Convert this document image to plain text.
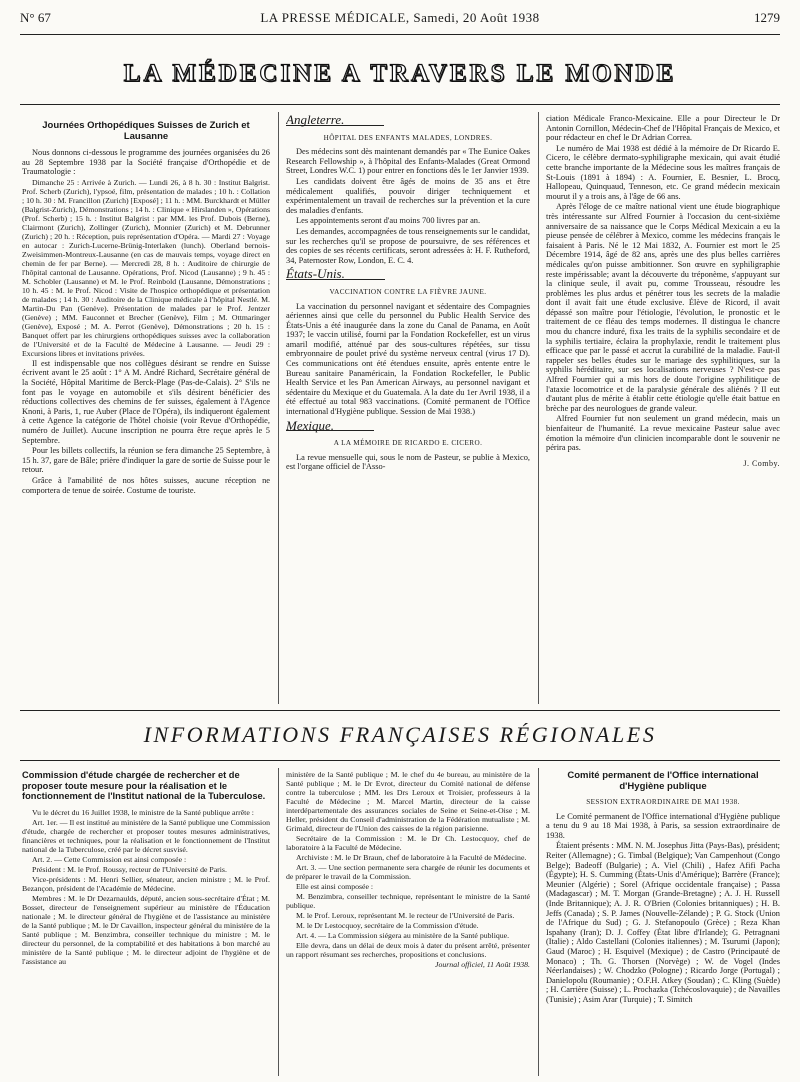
N° 67	LA PRESSE MÉDICALE, Samedi, 20 Août 1938	1279
LA MÉDECINE A TRAVERS LE MONDE
Journées Orthopédiques Suisses de Zurich et Lausanne

Nous donnons ci-dessous le programme des journées organisées du 26 au 28 Septembre 1938 par la Société française d'Orthopédie et de Traumatologie :

Dimanche 25 : Arrivée à Zurich. — Lundi 26, à 8 h. 30 : Institut Balgrist. Prof. Scherb (Zurich), l'ypsoé, film, présentation de malades ; 10 h. : Collation ; 10 h. 30 : M. Francillon (Zurich) [Exposé] ; 11 h. : MM. Burckhardt et Müller (Balgrist-Zurich), Démonstrations ; 14 h. : Clinique « Hirslanden », Opérations (Prof. Scherb) ; 15 h. : Institut Balgrist : par MM. les Prof. Dubois (Berne), Clairmont (Zurich), Zollinger (Zurich), Monnier (Zurich) et M. Debrunner (Zurich) ; 20 h. : Réception, puis représentation d'Opéra. — Mardi 27 : Voyage en autocar : Zurich-Lucerne-Brünig-Interlaken (lunch). Oberland bernois-Zweisimmen-Montreux-Lausanne (en cas de mauvais temps, voyage direct en chemin de fer par Berne). — Mercredi 28, 8 h. : Auditoire de chirurgie de l'hôpital cantonal de Lausanne. Opérations, Prof. Nicod (Lausanne) ; 9 h. 45 : M. Schobler (Lausanne) et M. le Prof. Reinbold (Lausanne, Démonstrations ; 10 h. 45 : M. le Prof. Nicod : Visite de l'hospice orthopédique et présentation de malades ; 14 h. 30 : Auditoire de la Clinique médicale à l'hôpital Nestlé. M. Martin-Du Pan (Genève). Présentation de malades par le Prof. Jentzer (Genève) ; MM. Fauconnet et Brecher (Genève), Film ; M. Ottmaringer (Genève), Exposé ; M. A. Perrot (Genève), Démonstrations ; 20 h. 15 : Banquet offert par les chirurgiens orthopédiques suisses avec la collaboration de l'Université et de la Faculté de Médecine à Lausanne. — Jeudi 29 : Excursions libres et invitations privées.

Il est indispensable que nos collègues désirant se rendre en Suisse écrivent avant le 25 août : 1° A M. André Richard, Secrétaire général de la Société, Hôpital Maritime de Berck-Plage (Pas-de-Calais). 2° S'ils ne font pas le voyage en automobile et s'ils désirent bénéficier des réductions collectives des chemins de fer suisses, également à l'Agence Knoni, à Paris, 1, rue Auber (Place de l'Opéra), ils indiqueront également à cette Agence la catégorie de l'hôtel choisie (voir Revue d'Orthopédie, numéro de Juillet). Aucune inscription ne pourra être reçue après le 5 Septembre.

Pour les billets collectifs, la réunion se fera dimanche 25 Septembre, à 15 h. 37, gare de Bâle; prière d'indiquer la gare de sortie de Suisse pour le retour.

Grâce à l'amabilité de nos hôtes suisses, aucune réception ne comportera de tenue de soirée. Costume de touriste.

Angleterre.
HÔPITAL DES ENFANTS MALADES, LONDRES.

Des médecins sont dès maintenant demandés par « The Eunice Oakes Research Fellowship », à l'hôpital des Enfants-Malades (Great Ormond Street, Londres W.C. 1) pour entrer en fonctions dès le 1er Janvier 1939.

Les candidats doivent être âgés de moins de 35 ans et être médicalement qualifiés, pouvoir diriger techniquement et expérimentalement un travail de recherches sur la prévention et la cure des maladies d'enfants.

Les appointements seront d'au moins 700 livres par an.

Les demandes, accompagnées de tous renseignements sur le candidat, sur les recherches qu'il se propose de poursuivre, de ses références et des copies de ses récents certificats, seront adressées à: H. F. Rutheford, 34, Paternoster Row, London, E. C. 4.

États-Unis.
VACCINATION CONTRE LA FIÈVRE JAUNE.

La vaccination du personnel navigant et sédentaire des Compagnies aériennes ainsi que celle du personnel du Public Health Service des États-Unis a été inaugurée dans la zone du Canal de Panama, en Août 1937; le vaccin utilisé, fourni par la Fondation Rockefeller, est un virus amaril modifié, atténué par des sous-cultures répétées, sur tissu embryonnaire de poulet privé du système nerveux central (virus 17 D). Ces communications ont été étendues ensuite, après entente entre le Bureau sanitaire Panaméricain, la Fondation Rockefeller, le Public Health Service et les Pan American Airways, au personnel navigant et sédentaire du Mexique et du Guatemala. A la date du 1er Avril 1938, il a été effectué au total 983 vaccinations. (Comité permanent de l'Office international d'Hygiène publique. Session de Mai 1938.)

Mexique.
A LA MÉMOIRE DE RICARDO E. CICERO.

La revue mensuelle qui, sous le nom de Pasteur, se publie à Mexico, est l'organe officiel de l'Asso-

ciation Médicale Franco-Mexicaine. Elle a pour Directeur le Dr Antonin Cornillon, Médecin-Chef de l'Hôpital Français de Mexico, et pour rédacteur en chef le Dr Adrian Correa.

Le numéro de Mai 1938 est dédié à la mémoire de Dr Ricardo E. Cicero, le célèbre dermato-syphiligraphe mexicain, qui avait étudié cette branche importante de la Médecine sous les maîtres français de St-Louis (1891 à 1894) : A. Fournier, E. Besnier, L. Brocq, Hallopeau, Quinquaud, Tenneson, etc. Ce grand médecin mexicain mourut il y a trois ans, à l'âge de 66 ans.

Après l'éloge de ce maître national vient une étude biographique très intéressante sur Alfred Fournier à l'occasion du cent-sixième anniversaire de sa naissance que le Corps Médical Mexicain a eu la pieuse pensée de célébrer à Mexico, comme les médecins français le faisaient à Paris. Né le 12 Mai 1832, A. Fournier est mort le 25 Décembre 1914, âgé de 82 ans, après une des plus belles carrières médicales qu'on puisse ambitionner. Son œuvre en syphiligraphie reste impérissable; avant la découverte du tréponème, s'appuyant sur la clinique seule, il avait pu, comme Trousseau, résoudre les problèmes les plus ardus et pénétrer tous les secrets de la maladie dont il avait fait une étude exclusive. Élève de Ricord, il avait dépassé son maître pour l'étiologie, l'évolution, le pronostic et le traitement de ce fléau des temps modernes. Il distingua le chancre mou du chancre induré, fixa les traits de la syphilis secondaire et de la syphilis tertiaire, éclaira la prophylaxie, rendit le traitement plus efficace que par le passé et accrut la curabilité de la maladie. Faut-il rappeler ses belles études sur le mariage des syphilitiques, sur la syphilis héréditaire, sur ses localisations nerveuses ? N'est-ce pas Alfred Fournier qui a mis hors de doute l'origine syphilitique de l'ataxie locomotrice et de la paralysie générale des aliénés ? Il eut d'autant plus de mérite à établir cette étiologie qu'elle était battue en brèche par des neurologues de grande valeur.

Alfred Fournier fut non seulement un grand médecin, mais un bienfaiteur de l'humanité. La revue mexicaine Pasteur salue avec émotion la mémoire d'un clinicien incomparable dont le souvenir ne périra pas.

J. Comby.
INFORMATIONS FRANÇAISES RÉGIONALES
Commission d'étude chargée de rechercher et de proposer toute mesure pour la réalisation et le fonctionnement de l'Institut national de la Tuberculose.

Vu le décret du 16 Juillet 1938, le ministre de la Santé publique arrête :

Art. 1er. — Il est institué au ministère de la Santé publique une Commission d'étude, chargée de rechercher et proposer toutes mesures administratives, financières et techniques, pour la réalisation et le fonctionnement de l'Institut national de la Tuberculose, créé par le décret susvisé.

Art. 2. — Cette Commission est ainsi composée :

Président : M. le Prof. Roussy, recteur de l'Université de Paris.

Vice-présidents : M. Henri Sellier, sénateur, ancien ministre ; M. le Prof. Bezançon, président de l'Académie de Médecine.

Membres : M. le Dr Dezarnaulds, député, ancien sous-secrétaire d'État ; M. Bosset, directeur de l'enseignement supérieur au ministère de l'Éducation nationale ; M. le directeur général de l'hygiène et de l'assistance au ministère de la Santé publique ; M. le Dr Cavaillon, inspecteur général du ministère de la Santé publique ; M. Benzimbra, conseiller technique du ministre ; M. le directeur du personnel, de la comptabilité et des habitations à bon marché au ministère de la Santé publique ; M. le directeur adjoint de l'hygiène et de l'assistance au

ministère de la Santé publique ; M. le chef du 4e bureau, au ministère de la Santé publique ; M. le Dr Evrot, directeur du Comité national de défense contre la tuberculose ; MM. les Drs Leroux et Troisier, professeurs à la Faculté de Médecine ; M. Marcel Martin, directeur de la caisse interdépartementale des assurances sociales de Seine et Seine-et-Oise ; M. Heller, président du Conseil d'administration de la Fédération mutualiste ; M. Grimald, directeur de l'Union des caisses de la région parisienne.

Secrétaire de la Commission : M. le Dr Ch. Lestocquoy, chef de laboratoire à la Faculté de Médecine.

Archiviste : M. le Dr Braun, chef de laboratoire à la Faculté de Médecine.

Art. 3. — Une section permanente sera chargée de réunir les documents et de préparer le travail de la Commission.

Elle est ainsi composée :

M. Benzimbra, conseiller technique, représentant le ministre de la Santé publique.

M. le Prof. Leroux, représentant M. le recteur de l'Université de Paris.

M. le Dr Lestocquoy, secrétaire de la Commission d'étude.

Art. 4. — La Commission siégera au ministère de la Santé publique.

Elle devra, dans un délai de deux mois à dater du présent arrêté, présenter un rapport résumant ses recherches, propositions et conclusions.

Journal officiel, 11 Août 1938.

Comité permanent de l'Office international d'Hygiène publique
SESSION EXTRAORDINAIRE DE MAI 1938.

Le Comité permanent de l'Office international d'Hygiène publique a tenu du 9 au 18 Mai 1938, à Paris, sa session extraordinaire de 1938.

Étaient présents : MM. N. M. Josephus Jitta (Pays-Bas), président; Reiter (Allemagne) ; G. Timbal (Belgique); Van Campenhout (Congo Belge); Badeoff (Bulgarie) ; A. Viel (Chili) , Hafez Afifi Pacha (Égypte); H. S. Cumming (États-Unis d'Amérique); Barrère (France); Meunier (Algérie) ; Sorel (Afrique occidentale française) ; Passa (Madagascar) ; M. T. Morgan (Grande-Bretagne) ; A. J. H. Russell (Inde Britannique); A. J. R. O'Brien (Colonies britanniques) ; H. B. Jeffs (Canada) ; S. P. James (Nouvelle-Zélande) ; P. G. Stock (Union de l'Afrique du Sud) ; G. J. Stefanopoulo (Grèce) ; Reza Khan Ispahany (Iran); D. J. Coffey (État libre d'Irlande); G. Petragnani (Italie) ; Aldo Castellani (Colonies italiennes) ; M. Tsurumi (Japon); Gaud (Maroc) ; H. Esquivel (Mexique) ; de Castro (Principauté de Monaco) ; Th. G. Thorsen (Norvège) ; W. de Vogel (Indes Néerlandaises) ; W. Chodzko (Pologne) ; Ricardo Jorge (Portugal) ; Danielopolu (Roumanie) ; O.F.H. Atkey (Soudan) ; C. Kling (Suède) ; H. Carrière (Suisse) ; L. Prochazka (Tchécoslovaquie) ; de Navailles (Tunisie) ; Asim Arar (Turquie) ; T. Simitch
